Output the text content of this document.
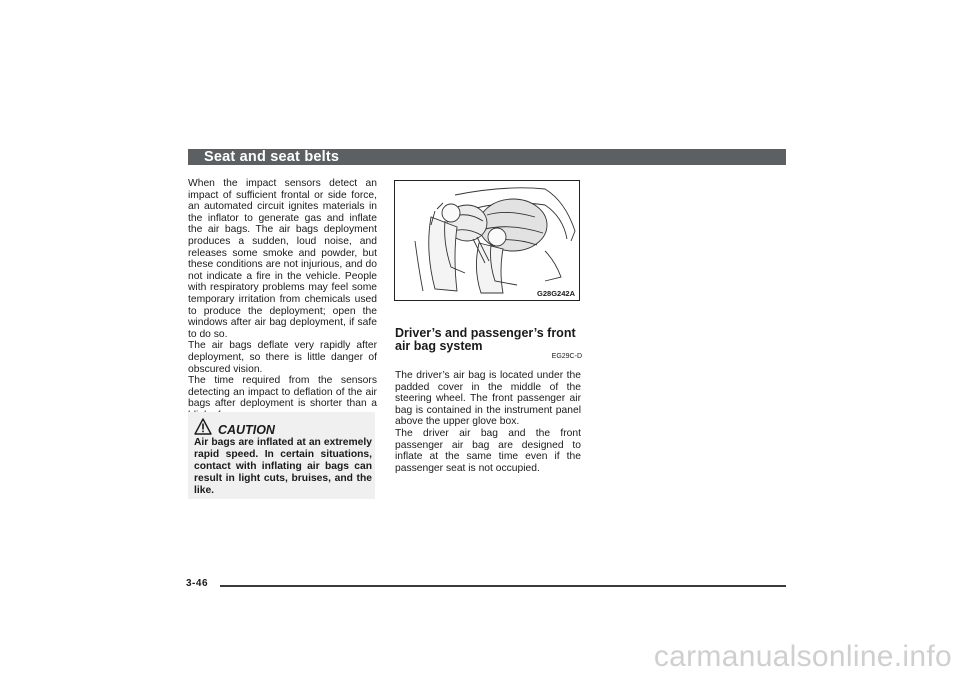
Seat and seat belts

When the impact sensors detect an impact of sufficient frontal or side force, an automated circuit ignites materials in the inflator to generate gas and inflate the air bags. The air bags deployment produces a sudden, loud noise, and releases some smoke and powder, but these conditions are not injurious, and do not indicate a fire in the vehicle. People with respiratory problems may feel some temporary irritation from chemicals used to produce the deployment; open the windows after air bag deployment, if safe to do so.

The air bags deflate very rapidly after deployment, so there is little danger of obscured vision.

The time required from the sensors detecting an impact to deflation of the air bags after deployment is shorter than a

CAUTION
Air bags are inflated at an extremely rapid speed. In certain situations, contact with inflating air bags can result in light cuts, bruises, and the like.
G28G242A
Driver’s and passenger’s front air bag system
EG29C-D

The driver’s air bag is located under the padded cover in the middle of the steering wheel. The front passenger air bag is contained in the instrument panel above the upper glove box.

The driver air bag and the front passenger air bag are designed to inflate at the same time even if the passenger seat is not occupied.

3-46
carmanualsonline.info
